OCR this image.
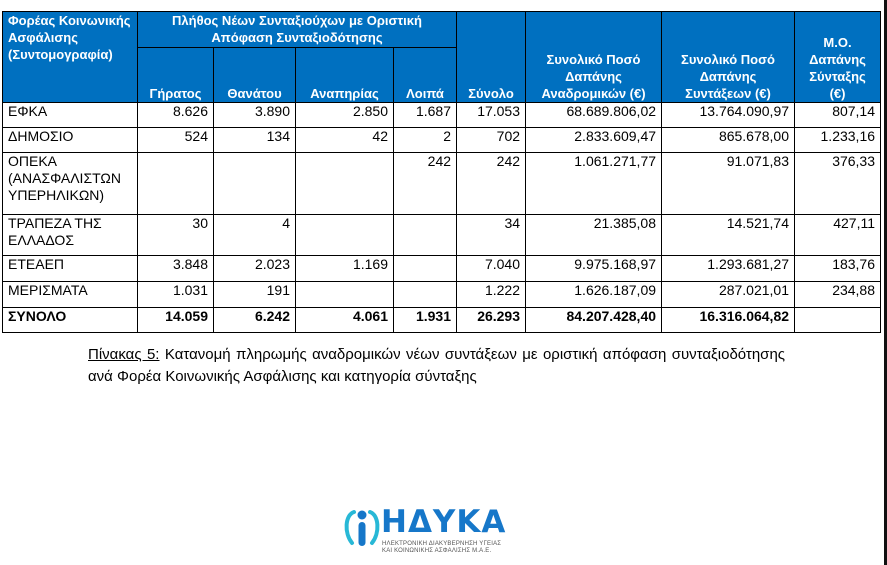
Φορέας Κοινωνικής Ασφάλισης (Συντομογραφία)	Πλήθος Νέων Συνταξιούχων με Οριστική Απόφαση Συνταξιοδότησης				Σύνολο	Συνολικό Ποσό Δαπάνης Αναδρομικών (€)	Συνολικό Ποσό Δαπάνης Συντάξεων (€)	Μ.Ο. Δαπάνης Σύνταξης (€)
	Γήρατος	Θανάτου	Αναπηρίας	Λοιπά				
ΕΦΚΑ	8.626	3.890	2.850	1.687	17.053	68.689.806,02	13.764.090,97	807,14
ΔΗΜΟΣΙΟ	524	134	42	2	702	2.833.609,47	865.678,00	1.233,16
ΟΠΕΚΑ (ΑΝΑΣΦΑΛΙΣΤΩΝ ΥΠΕΡΗΛΙΚΩΝ)				242	242	1.061.271,77	91.071,83	376,33
ΤΡΑΠΕΖΑ ΤΗΣ ΕΛΛΑΔΟΣ	30	4			34	21.385,08	14.521,74	427,11
ΕΤΕΑΕΠ	3.848	2.023	1.169		7.040	9.975.168,97	1.293.681,27	183,76
ΜΕΡΙΣΜΑΤΑ	1.031	191			1.222	1.626.187,09	287.021,01	234,88
ΣΥΝΟΛΟ	14.059	6.242	4.061	1.931	26.293	84.207.428,40	16.316.064,82	
Πίνακας 5: Κατανομή πληρωμής αναδρομικών νέων συντάξεων με οριστική απόφαση συνταξιοδότησης ανά Φορέα Κοινωνικής Ασφάλισης και κατηγορία σύνταξης
ΗΔΥΚΑ
ΗΛΕΚΤΡΟΝΙΚΗ ΔΙΑΚΥΒΕΡΝΗΣΗ ΥΓΕΙΑΣ
ΚΑΙ ΚΟΙΝΩΝΙΚΗΣ ΑΣΦΑΛΙΣΗΣ Μ.Α.Ε.
